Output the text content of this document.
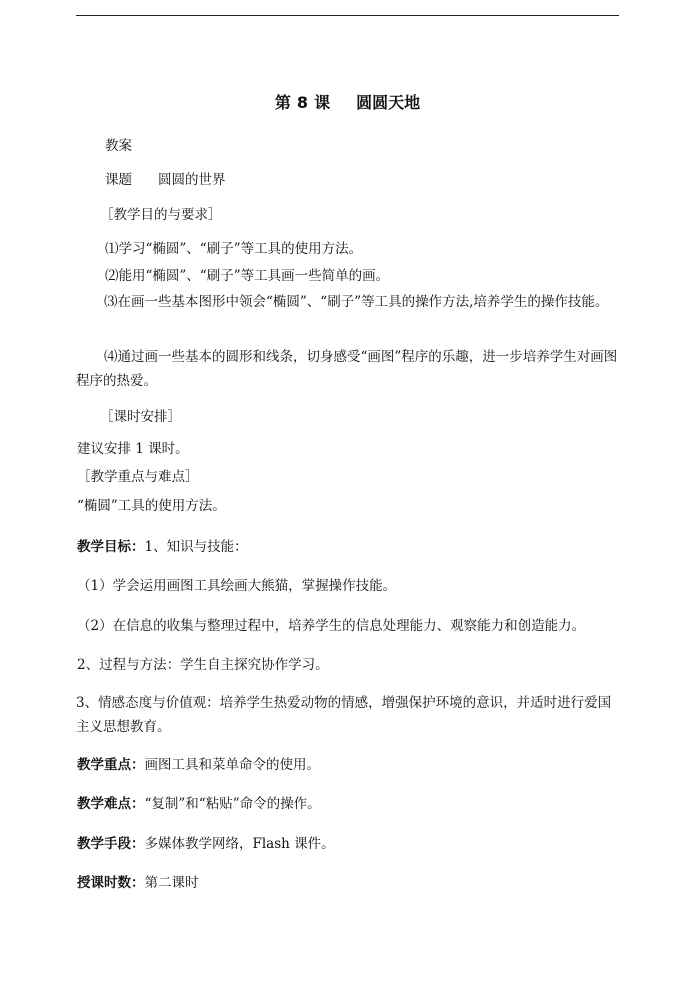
第 8 课 圆圆天地
教案
课题 圆圆的世界
［教学目的与要求］
⑴学习“椭圆”、“刷子”等工具的使用方法。
⑵能用“椭圆”、“刷子”等工具画一些简单的画。
⑶在画一些基本图形中领会“椭圆”、“刷子”等工具的操作方法,培养学生的操作技能。
⑷通过画一些基本的圆形和线条，切身感受“画图”程序的乐趣，进一步培养学生对画图程序的热爱。
［课时安排］
建议安排 1 课时。
［教学重点与难点］
“椭圆”工具的使用方法。
教学目标：1、知识与技能：
（1）学会运用画图工具绘画大熊猫，掌握操作技能。
（2）在信息的收集与整理过程中，培养学生的信息处理能力、观察能力和创造能力。
2、过程与方法：学生自主探究协作学习。
3、情感态度与价值观：培养学生热爱动物的情感，增强保护环境的意识，并适时进行爱国主义思想教育。
教学重点：画图工具和菜单命令的使用。
教学难点：“复制”和“粘贴”命令的操作。
教学手段：多媒体教学网络，Flash 课件。
授课时数：第二课时
